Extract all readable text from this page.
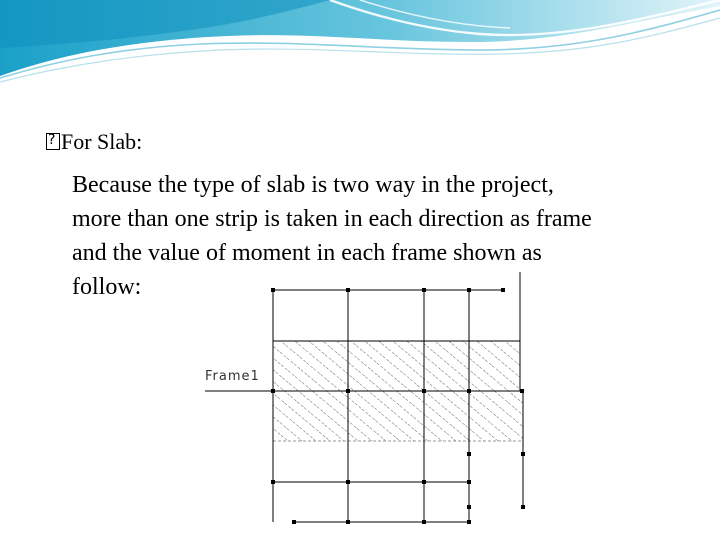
?
For Slab:

Because the type of slab is two way in the project,
more than one strip is taken in each direction as frame
and the value of moment in each frame shown as
follow:

Frame1
